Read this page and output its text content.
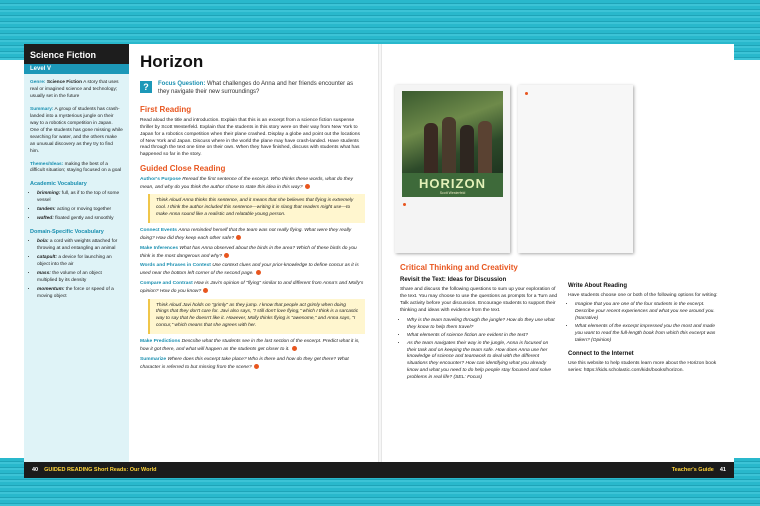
Science Fiction
Level V

Genre: Science Fiction A story that uses real or imagined science and technology; usually set in the future

Summary: A group of students has crash-landed into a mysterious jungle on their way to a robotics competition in Japan. One of the students has gone missing while searching for water, and the others make an unusual discovery as they try to find him.

Themes/Ideas: making the best of a difficult situation; staying focused on a goal

Academic Vocabulary
• brimming: full, as if to the top of some vessel
• tandem: acting or moving together
• wafted: floated gently and smoothly
Domain-Specific Vocabulary
• bola: a cord with weights attached for throwing at and entangling an animal
• catapult: a device for launching an object into the air
• mass: the volume of an object multiplied by its density
• momentum: the force or speed of a moving object
Horizon
?	Focus Question: What challenges do Anna and her friends encounter as they navigate their new surroundings?
First Reading

Read aloud the title and introduction. Explain that this is an excerpt from a science fiction suspense thriller by Scott Westerfeld. Explain that the students in this story were on their way from New York to Japan for a robotics competition when their plane crashed. Display a globe and point out the locations of New York and Japan. Discuss where in the world the plane may have crash-landed. Have students read through the text one time on their own. When they have finished, discuss with students what has happened so far in the story.

Guided Close Reading

Author's Purpose Reread the first sentence of the excerpt. Who thinks these words, what do they mean, and why do you think the author chose to state this idea in this way?

Think Aloud Anna thinks this sentence, and it means that she believes that flying is extremely cool. I think the author included this sentence—writing it in slang that readers might use—to make Anna sound like a realistic and relatable young person.

Connect Events Anna reminded herself that the team was not really flying. What were they really doing? How did they keep each other safe?

Make Inferences What has Anna observed about the birds in the area? Which of these birds do you think is the most dangerous and why?

Words and Phrases in Context Use context clues and your prior-knowledge to define concur as it is used near the bottom left corner of the second page.

Compare and Contrast How is Javi's opinion of "flying" similar to and different from Anna's and Molly's opinion? How do you know?

Think Aloud Javi holds on "grimly" as they jump. I know that people act grimly when doing things that they don't care for. Javi also says, "I still don't love flying," which I think is a sarcastic way to say that he doesn't like it. However, Molly thinks flying is "awesome," and Anna says, "I concur," which means that she agrees with her.

Make Predictions Describe what the students see in the last section of the excerpt. Predict what it is, how it got there, and what will happen as the students get closer to it.

Summarize Where does this excerpt take place? Who is there and how do they get there? What character is referred to but missing from the scene?

HORIZON
Scott Westerfeld

Critical Thinking and Creativity
Revisit the Text: Ideas for Discussion

Share and discuss the following questions to sum up your exploration of the text. You may choose to use the questions as prompts for a Turn and Talk activity before your discussion. Encourage students to support their thinking and ideas with evidence from the text.

• Why is the team traveling through the jungle? How do they use what they know to help them travel?
• What elements of science fiction are evident in the text?
• As the team navigates their way in the jungle, Anna is focused on their task and on keeping the team safe. How does Anna use her knowledge of science and teamwork to deal with the different situations they encounter? How can identifying what you already know and what you need to do help people stay focused and solve problems in real life? (SEL: Focus)
Write About Reading

Have students choose one or both of the following options for writing:

• Imagine that you are one of the four students in the excerpt. Describe your recent experiences and what you see around you. (Narrative)
• What elements of the excerpt impressed you the most and made you want to read the full-length book from which this excerpt was taken? (Opinion)
Connect to the Internet

Use this website to help students learn more about the Horizon book series: https://kids.scholastic.com/kids/books/horizon.

40	GUIDED READING Short Reads: Our World	Teacher's Guide	41
